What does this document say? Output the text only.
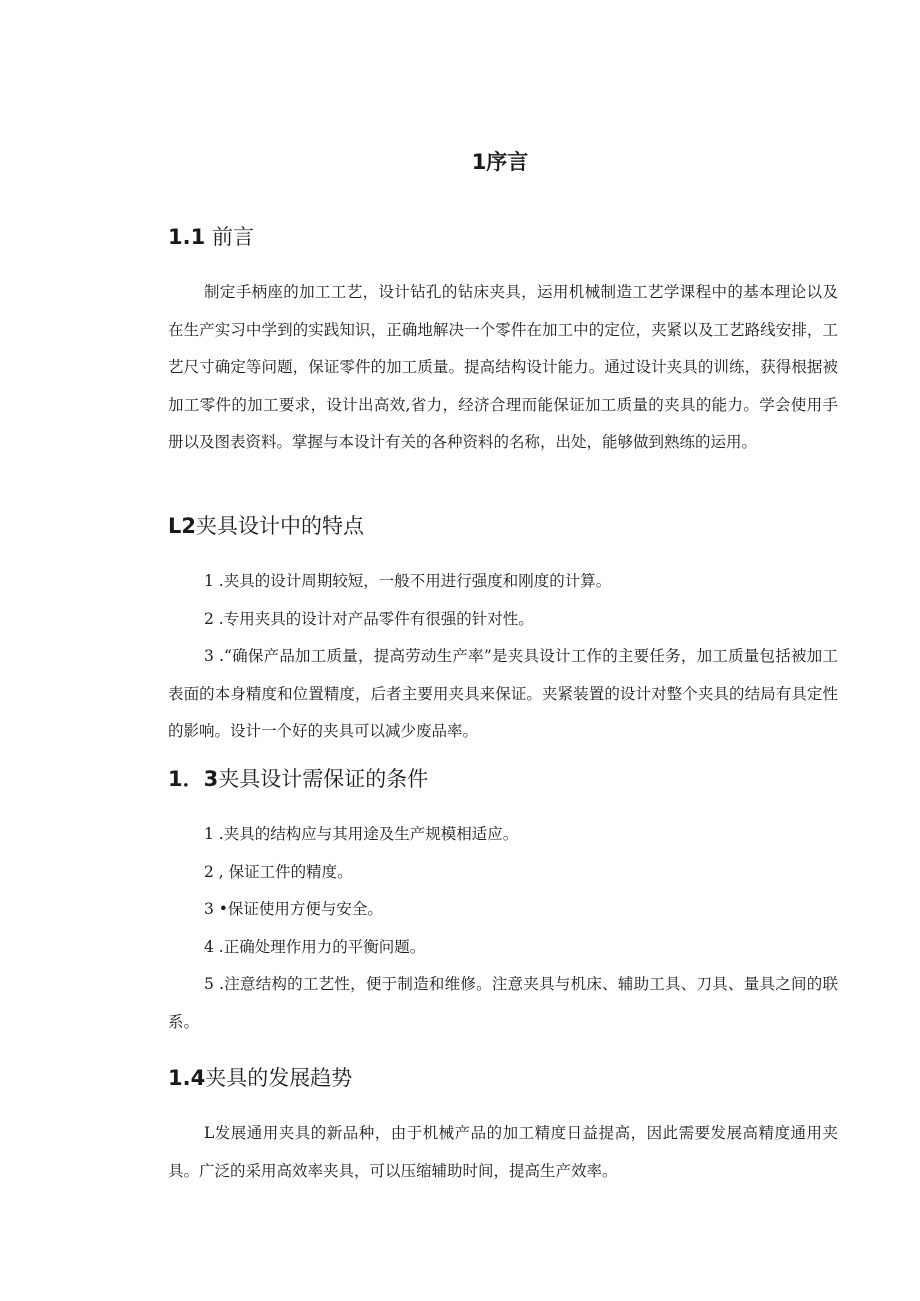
1序言
1.1 前言

制定手柄座的加工工艺，设计钻孔的钻床夹具，运用机械制造工艺学课程中的基本理论以及在生产实习中学到的实践知识，正确地解决一个零件在加工中的定位，夹紧以及工艺路线安排，工艺尺寸确定等问题，保证零件的加工质量。提高结构设计能力。通过设计夹具的训练，获得根据被加工零件的加工要求，设计出高效,省力，经济合理而能保证加工质量的夹具的能力。学会使用手册以及图表资料。掌握与本设计有关的各种资料的名称，出处，能够做到熟练的运用。

L2夹具设计中的特点

1 .夹具的设计周期较短，一般不用进行强度和刚度的计算。

2 .专用夹具的设计对产品零件有很强的针对性。

3 .“确保产品加工质量，提高劳动生产率”是夹具设计工作的主要任务，加工质量包括被加工表面的本身精度和位置精度，后者主要用夹具来保证。夹紧装置的设计对整个夹具的结局有具定性的影响。设计一个好的夹具可以减少废品率。

1．3夹具设计需保证的条件

1 .夹具的结构应与其用途及生产规模相适应。

2 , 保证工件的精度。

3 •保证使用方便与安全。

4 .正确处理作用力的平衡问题。

5 .注意结构的工艺性，便于制造和维修。注意夹具与机床、辅助工具、刀具、量具之间的联系。

1.4夹具的发展趋势

L发展通用夹具的新品种，由于机械产品的加工精度日益提高，因此需要发展高精度通用夹具。广泛的采用高效率夹具，可以压缩辅助时间，提高生产效率。
